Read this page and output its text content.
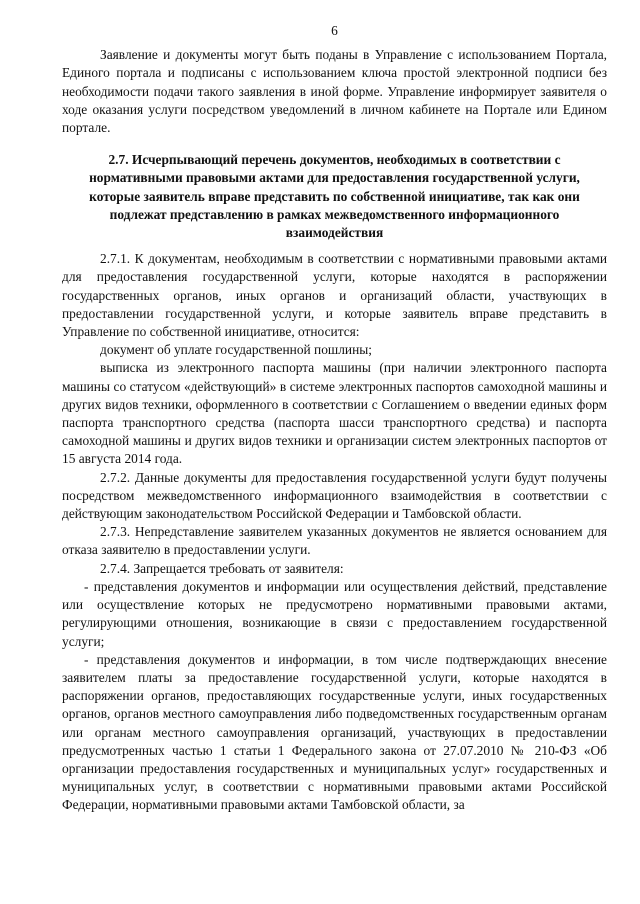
6

Заявление и документы могут быть поданы в Управление с использованием Портала, Единого портала и подписаны с использованием ключа простой электронной подписи без необходимости подачи такого заявления в иной форме. Управление информирует заявителя о ходе оказания услуги посредством уведомлений в личном кабинете на Портале или Едином портале.

2.7. Исчерпывающий перечень документов, необходимых в соответствии с нормативными правовыми актами для предоставления государственной услуги, которые заявитель вправе представить по собственной инициативе, так как они подлежат представлению в рамках межведомственного информационного взаимодействия

2.7.1. К документам, необходимым в соответствии с нормативными правовыми актами для предоставления государственной услуги, которые находятся в распоряжении государственных органов, иных органов и организаций области, участвующих в предоставлении государственной услуги, и которые заявитель вправе представить в Управление по собственной инициативе, относится:

документ об уплате государственной пошлины;

выписка из электронного паспорта машины (при наличии электронного паспорта машины со статусом «действующий» в системе электронных паспортов самоходной машины и других видов техники, оформленного в соответствии с Соглашением о введении единых форм паспорта транспортного средства (паспорта шасси транспортного средства) и паспорта самоходной машины и других видов техники и организации систем электронных паспортов от 15 августа 2014 года.

2.7.2. Данные документы для предоставления государственной услуги будут получены посредством межведомственного информационного взаимодействия в соответствии с действующим законодательством Российской Федерации и Тамбовской области.

2.7.3. Непредставление заявителем указанных документов не является основанием для отказа заявителю в предоставлении услуги.

2.7.4. Запрещается требовать от заявителя:

- представления документов и информации или осуществления действий, представление или осуществление которых не предусмотрено нормативными правовыми актами, регулирующими отношения, возникающие в связи с предоставлением государственной услуги;

- представления документов и информации, в том числе подтверждающих внесение заявителем платы за предоставление государственной услуги, которые находятся в распоряжении органов, предоставляющих государственные услуги, иных государственных органов, органов местного самоуправления либо подведомственных государственным органам или органам местного самоуправления организаций, участвующих в предоставлении предусмотренных частью 1 статьи 1 Федерального закона от 27.07.2010 № 210-ФЗ «Об организации предоставления государственных и муниципальных услуг» государственных и муниципальных услуг, в соответствии с нормативными правовыми актами Российской Федерации, нормативными правовыми актами Тамбовской области, за
